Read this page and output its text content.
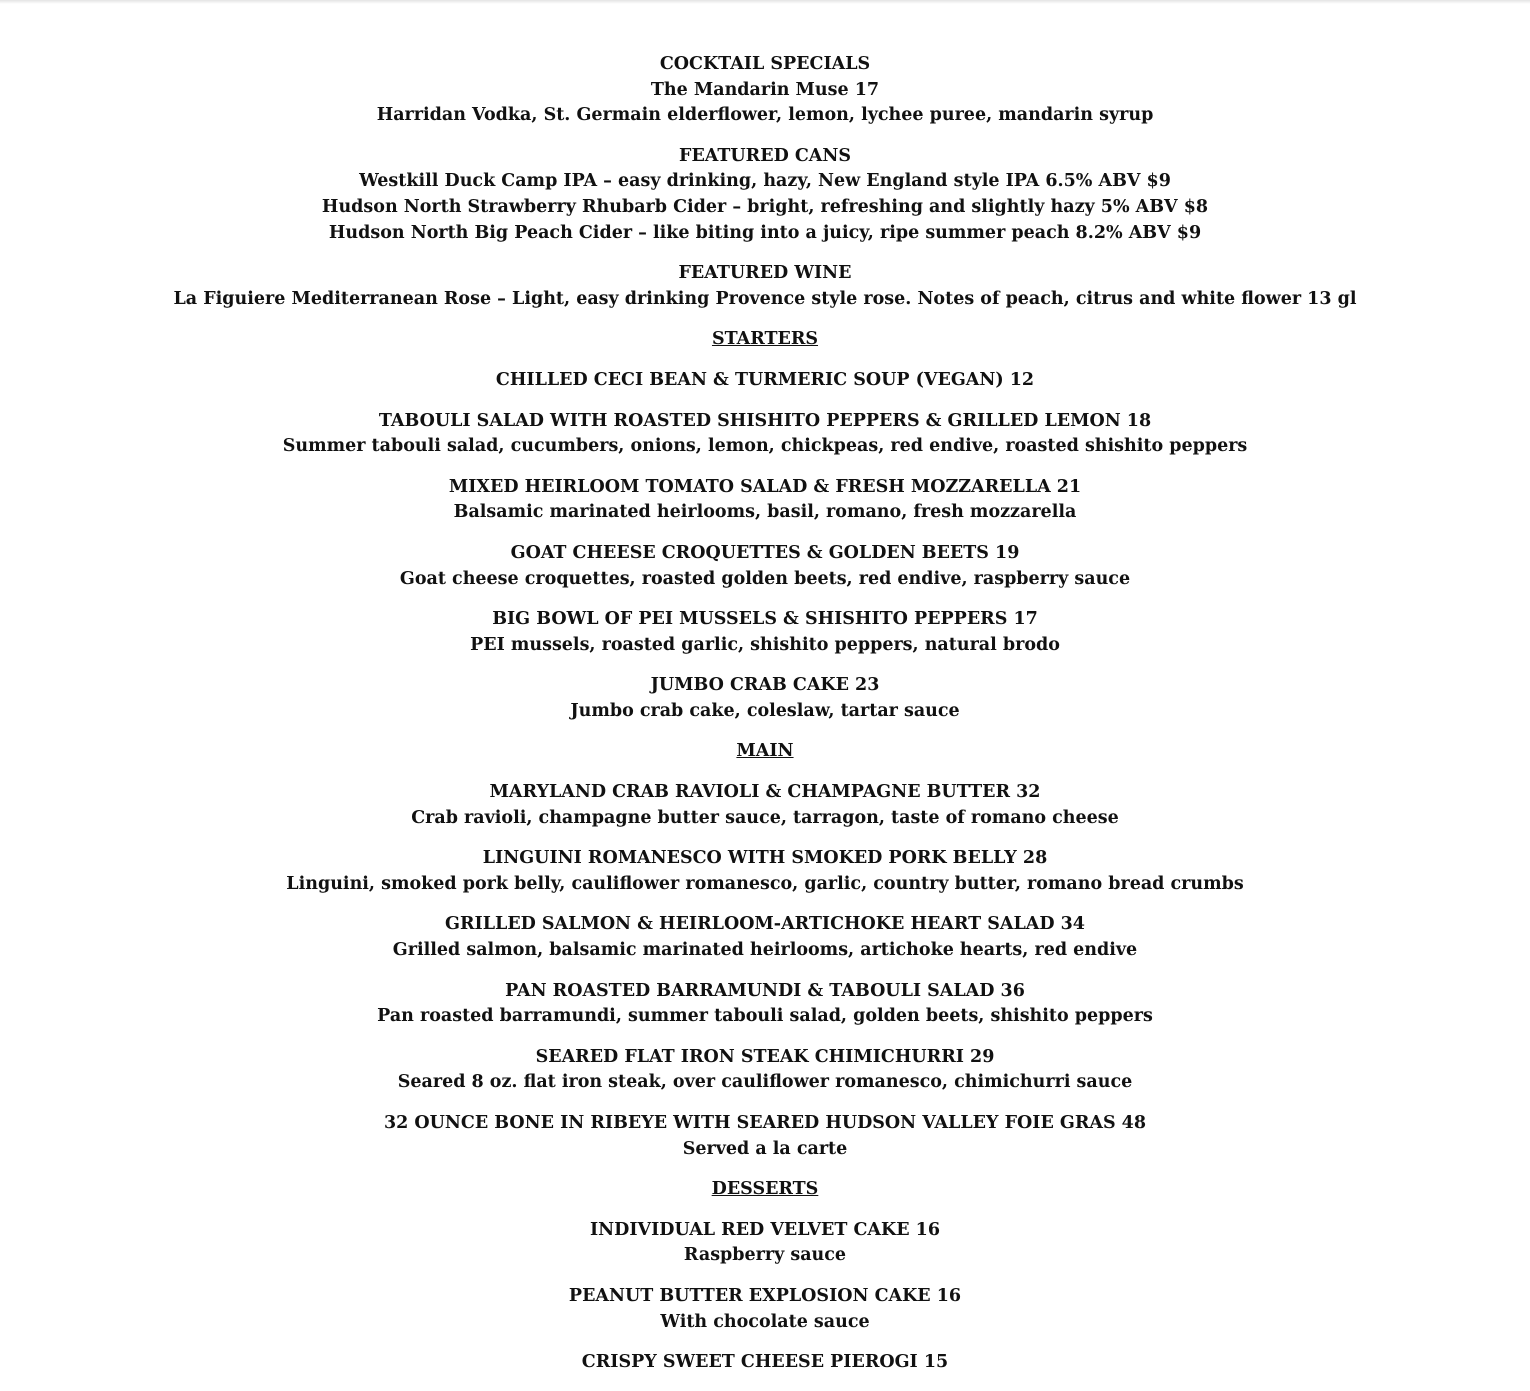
COCKTAIL SPECIALS
The Mandarin Muse 17
Harridan Vodka, St. Germain elderflower, lemon, lychee puree, mandarin syrup
FEATURED CANS
Westkill Duck Camp IPA – easy drinking, hazy, New England style IPA 6.5% ABV $9
Hudson North Strawberry Rhubarb Cider – bright, refreshing and slightly hazy 5% ABV $8
Hudson North Big Peach Cider – like biting into a juicy, ripe summer peach 8.2% ABV $9
FEATURED WINE
La Figuiere Mediterranean Rose – Light, easy drinking Provence style rose. Notes of peach, citrus and white flower 13 gl
STARTERS
CHILLED CECI BEAN & TURMERIC SOUP (VEGAN) 12
TABOULI SALAD WITH ROASTED SHISHITO PEPPERS & GRILLED LEMON 18
Summer tabouli salad, cucumbers, onions, lemon, chickpeas, red endive, roasted shishito peppers
MIXED HEIRLOOM TOMATO SALAD & FRESH MOZZARELLA 21
Balsamic marinated heirlooms, basil, romano, fresh mozzarella
GOAT CHEESE CROQUETTES & GOLDEN BEETS 19
Goat cheese croquettes, roasted golden beets, red endive, raspberry sauce
BIG BOWL OF PEI MUSSELS & SHISHITO PEPPERS 17
PEI mussels, roasted garlic, shishito peppers, natural brodo
JUMBO CRAB CAKE 23
Jumbo crab cake, coleslaw, tartar sauce
MAIN
MARYLAND CRAB RAVIOLI & CHAMPAGNE BUTTER 32
Crab ravioli, champagne butter sauce, tarragon, taste of romano cheese
LINGUINI ROMANESCO WITH SMOKED PORK BELLY 28
Linguini, smoked pork belly, cauliflower romanesco, garlic, country butter, romano bread crumbs
GRILLED SALMON & HEIRLOOM-ARTICHOKE HEART SALAD 34
Grilled salmon, balsamic marinated heirlooms, artichoke hearts, red endive
PAN ROASTED BARRAMUNDI & TABOULI SALAD 36
Pan roasted barramundi, summer tabouli salad, golden beets, shishito peppers
SEARED FLAT IRON STEAK CHIMICHURRI 29
Seared 8 oz. flat iron steak, over cauliflower romanesco, chimichurri sauce
32 OUNCE BONE IN RIBEYE WITH SEARED HUDSON VALLEY FOIE GRAS 48
Served a la carte
DESSERTS
INDIVIDUAL RED VELVET CAKE 16
Raspberry sauce
PEANUT BUTTER EXPLOSION CAKE 16
With chocolate sauce
CRISPY SWEET CHEESE PIEROGI 15
